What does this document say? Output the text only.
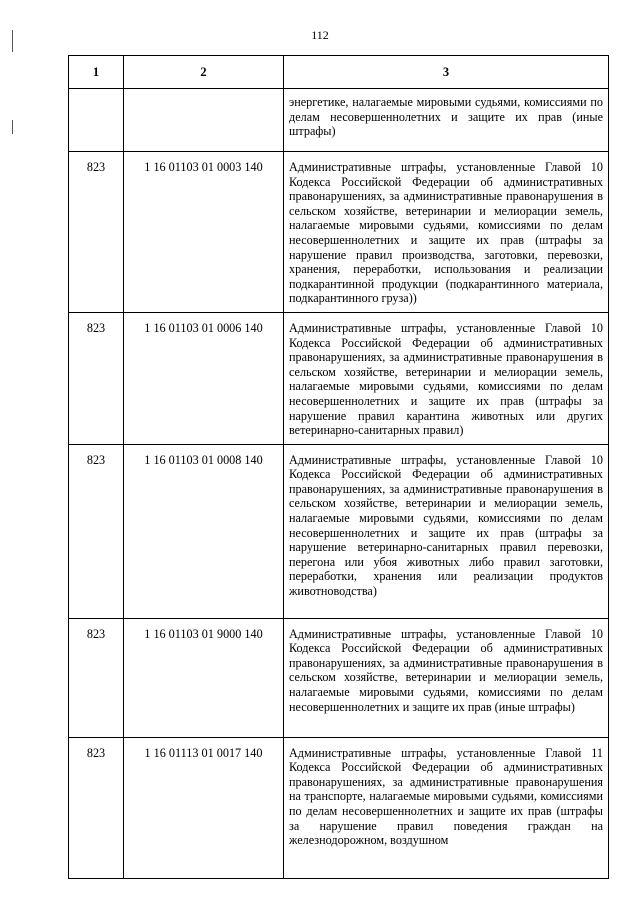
112
1	2	3
		энергетике, налагаемые мировыми судьями, комиссиями по делам несовершеннолетних и защите их прав (иные штрафы)
823	1 16 01103 01 0003 140	Административные штрафы, установленные Главой 10 Кодекса Российской Федерации об административных правонарушениях, за административные правонарушения в сельском хозяйстве, ветеринарии и мелиорации земель, налагаемые мировыми судьями, комиссиями по делам несовершеннолетних и защите их прав (штрафы за нарушение правил производства, заготовки, перевозки, хранения, переработки, использования и реализации подкарантинной продукции (подкарантинного материала, подкарантинного груза))
823	1 16 01103 01 0006 140	Административные штрафы, установленные Главой 10 Кодекса Российской Федерации об административных правонарушениях, за административные правонарушения в сельском хозяйстве, ветеринарии и мелиорации земель, налагаемые мировыми судьями, комиссиями по делам несовершеннолетних и защите их прав (штрафы за нарушение правил карантина животных или других ветеринарно-санитарных правил)
823	1 16 01103 01 0008 140	Административные штрафы, установленные Главой 10 Кодекса Российской Федерации об административных правонарушениях, за административные правонарушения в сельском хозяйстве, ветеринарии и мелиорации земель, налагаемые мировыми судьями, комиссиями по делам несовершеннолетних и защите их прав (штрафы за нарушение ветеринарно-санитарных правил перевозки, перегона или убоя животных либо правил заготовки, переработки, хранения или реализации продуктов животноводства)
823	1 16 01103 01 9000 140	Административные штрафы, установленные Главой 10 Кодекса Российской Федерации об административных правонарушениях, за административные правонарушения в сельском хозяйстве, ветеринарии и мелиорации земель, налагаемые мировыми судьями, комиссиями по делам несовершеннолетних и защите их прав (иные штрафы)
823	1 16 01113 01 0017 140	Административные штрафы, установленные Главой 11 Кодекса Российской Федерации об административных правонарушениях, за административные правонарушения на транспорте, налагаемые мировыми судьями, комиссиями по делам несовершеннолетних и защите их прав (штрафы за нарушение правил поведения граждан на железнодорожном, воздушном
